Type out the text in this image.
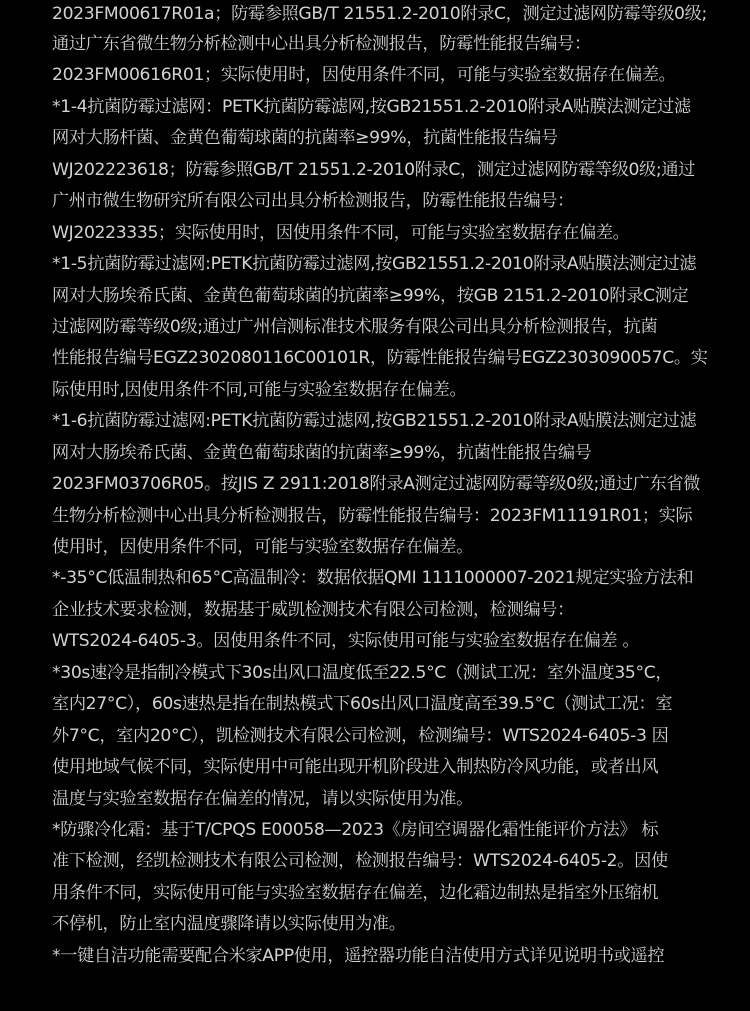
2023FM00617R01a；防霉参照GB/T 21551.2-2010附录C，测定过滤网防霉等级0级;
通过广东省微生物分析检测中心出具分析检测报告，防霉性能报告编号：
2023FM00616R01；实际使用时，因使用条件不同，可能与实验室数据存在偏差。
*1-4抗菌防霉过滤网：PETK抗菌防霉滤网,按GB21551.2-2010附录A贴膜法测定过滤
网对大肠杆菌、金黄色葡萄球菌的抗菌率≥99%，抗菌性能报告编号
WJ202223618；防霉参照GB/T 21551.2-2010附录C，测定过滤网防霉等级0级;通过
广州市微生物研究所有限公司出具分析检测报告，防霉性能报告编号：
WJ20223335；实际使用时，因使用条件不同，可能与实验室数据存在偏差。
*1-5抗菌防霉过滤网:PETK抗菌防霉过滤网,按GB21551.2-2010附录A贴膜法测定过滤
网对大肠埃希氏菌、金黄色葡萄球菌的抗菌率≥99%，按GB 2151.2-2010附录C测定
过滤网防霉等级0级;通过广州信测标准技术服务有限公司出具分析检测报告，抗菌
性能报告编号EGZ2302080116C00101R，防霉性能报告编号EGZ2303090057C。实
际使用时,因使用条件不同,可能与实验室数据存在偏差。
*1-6抗菌防霉过滤网:PETK抗菌防霉过滤网,按GB21551.2-2010附录A贴膜法测定过滤
网对大肠埃希氏菌、金黄色葡萄球菌的抗菌率≥99%，抗菌性能报告编号
2023FM03706R05。按JIS Z 2911:2018附录A测定过滤网防霉等级0级;通过广东省微
生物分析检测中心出具分析检测报告，防霉性能报告编号：2023FM11191R01；实际
使用时，因使用条件不同，可能与实验室数据存在偏差。
*-35°C低温制热和65°C高温制冷：数据依据QMI 1111000007-2021规定实验方法和
企业技术要求检测，数据基于威凯检测技术有限公司检测，检测编号：
WTS2024-6405-3。因使用条件不同，实际使用可能与实验室数据存在偏差 。
*30s速冷是指制冷模式下30s出风口温度低至22.5°C（测试工况：室外温度35°C，
室内27°C），60s速热是指在制热模式下60s出风口温度高至39.5°C（测试工况：室
外7°C，室内20°C），凯检测技术有限公司检测，检测编号：WTS2024-6405-3 因
使用地域气候不同，实际使用中可能出现开机阶段进入制热防冷风功能，或者出风
温度与实验室数据存在偏差的情况，请以实际使用为准。
*防骤冷化霜：基于T/CPQS E00058—2023《房间空调器化霜性能评价方法》 标
准下检测，经凯检测技术有限公司检测，检测报告编号：WTS2024-6405-2。因使
用条件不同，实际使用可能与实验室数据存在偏差，边化霜边制热是指室外压缩机
不停机，防止室内温度骤降请以实际使用为准。
*一键自洁功能需要配合米家APP使用，遥控器功能自洁使用方式详见说明书或遥控
